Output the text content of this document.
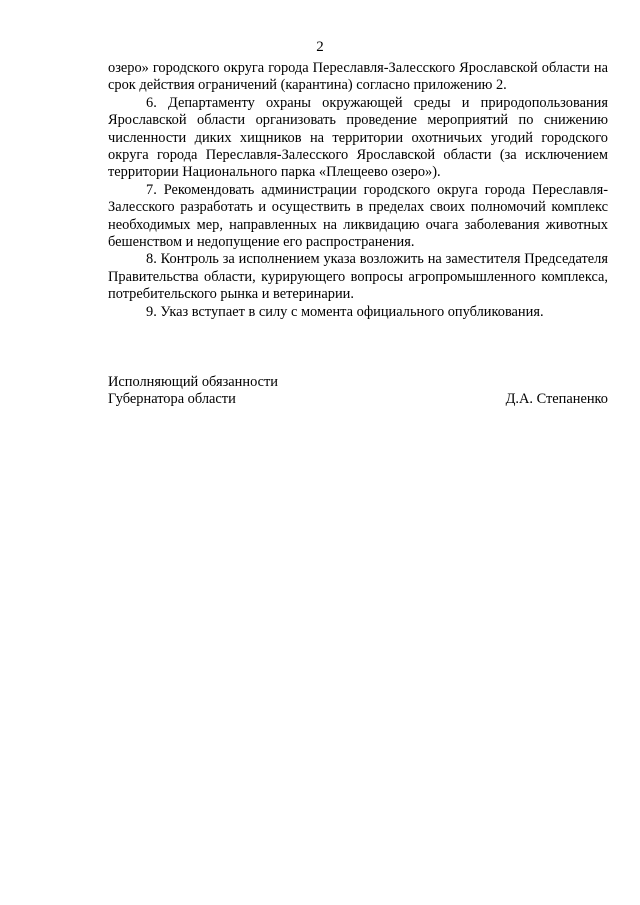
2

озеро» городского округа города Переславля-Залесского Ярославской области на срок действия ограничений (карантина) согласно приложению 2.

6. Департаменту охраны окружающей среды и природопользования Ярославской области организовать проведение мероприятий по снижению численности диких хищников на территории охотничьих угодий городского округа города Переславля-Залесского Ярославской области (за исключением территории Национального парка «Плещеево озеро»).

7. Рекомендовать администрации городского округа города Переславля-Залесского разработать и осуществить в пределах своих полномочий комплекс необходимых мер, направленных на ликвидацию очага заболевания животных бешенством и недопущение его распространения.

8. Контроль за исполнением указа возложить на заместителя Председателя Правительства области, курирующего вопросы агропромышленного комплекса, потребительского рынка и ветеринарии.

9. Указ вступает в силу с момента официального опубликования.

Исполняющий обязанности
Губернатора области	Д.А. Степаненко
